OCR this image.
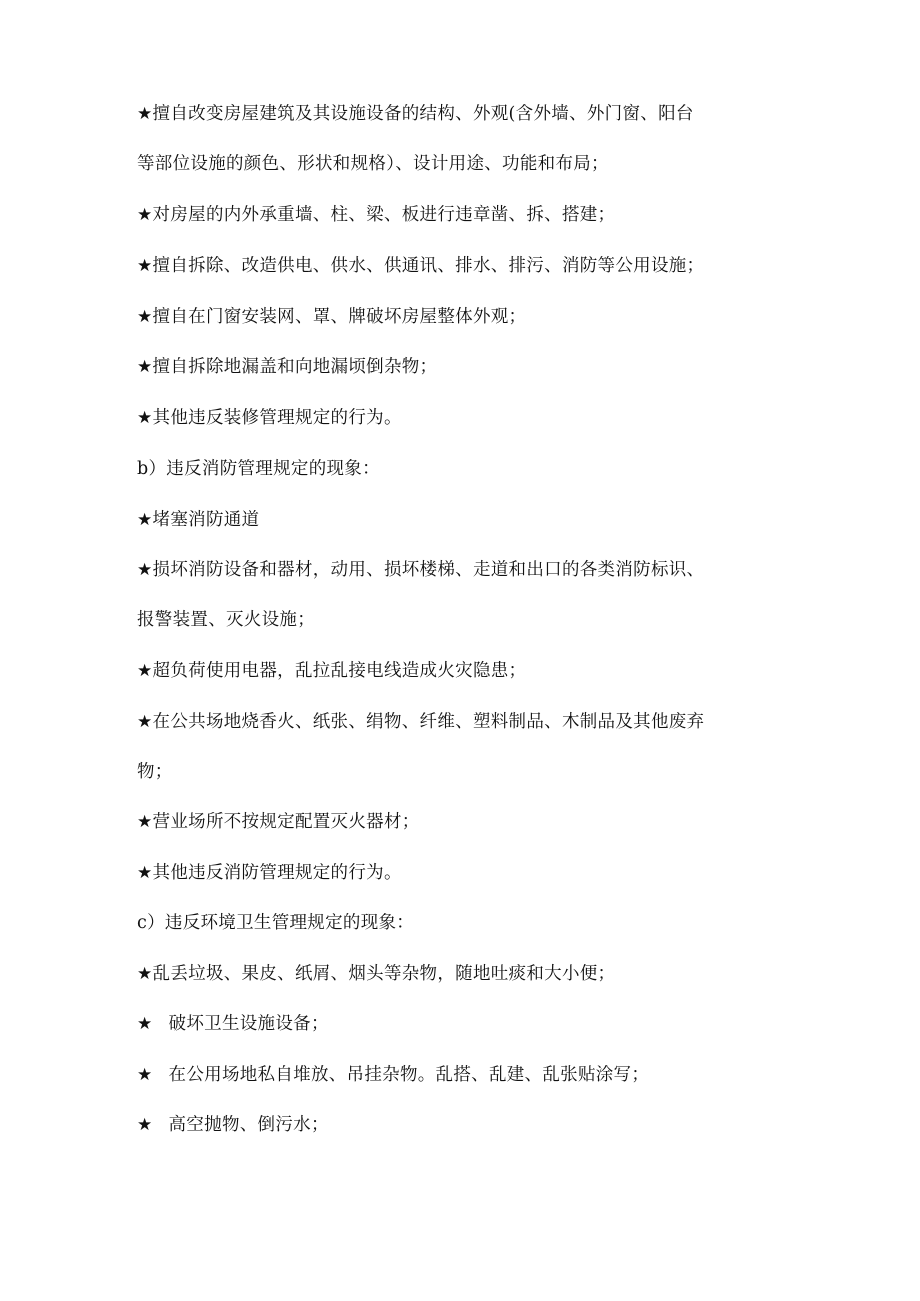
★擅自改变房屋建筑及其设施设备的结构、外观(含外墙、外门窗、阳台
等部位设施的颜色、形状和规格）、设计用途、功能和布局；
★对房屋的内外承重墙、柱、梁、板进行违章凿、拆、搭建；
★擅自拆除、改造供电、供水、供通讯、排水、排污、消防等公用设施；
★擅自在门窗安装网、罩、牌破坏房屋整体外观；
★擅自拆除地漏盖和向地漏顷倒杂物；
★其他违反装修管理规定的行为。
b）违反消防管理规定的现象：
★堵塞消防通道
★损坏消防设备和器材，动用、损坏楼梯、走道和出口的各类消防标识、
报警装置、灭火设施；
★超负荷使用电器，乱拉乱接电线造成火灾隐患；
★在公共场地烧香火、纸张、绢物、纤维、塑料制品、木制品及其他废弃
物；
★营业场所不按规定配置灭火器材；
★其他违反消防管理规定的行为。
c）违反环境卫生管理规定的现象：
★乱丢垃圾、果皮、纸屑、烟头等杂物，随地吐痰和大小便；
★ 破坏卫生设施设备；
★ 在公用场地私自堆放、吊挂杂物。乱搭、乱建、乱张贴涂写；
★ 高空抛物、倒污水；
